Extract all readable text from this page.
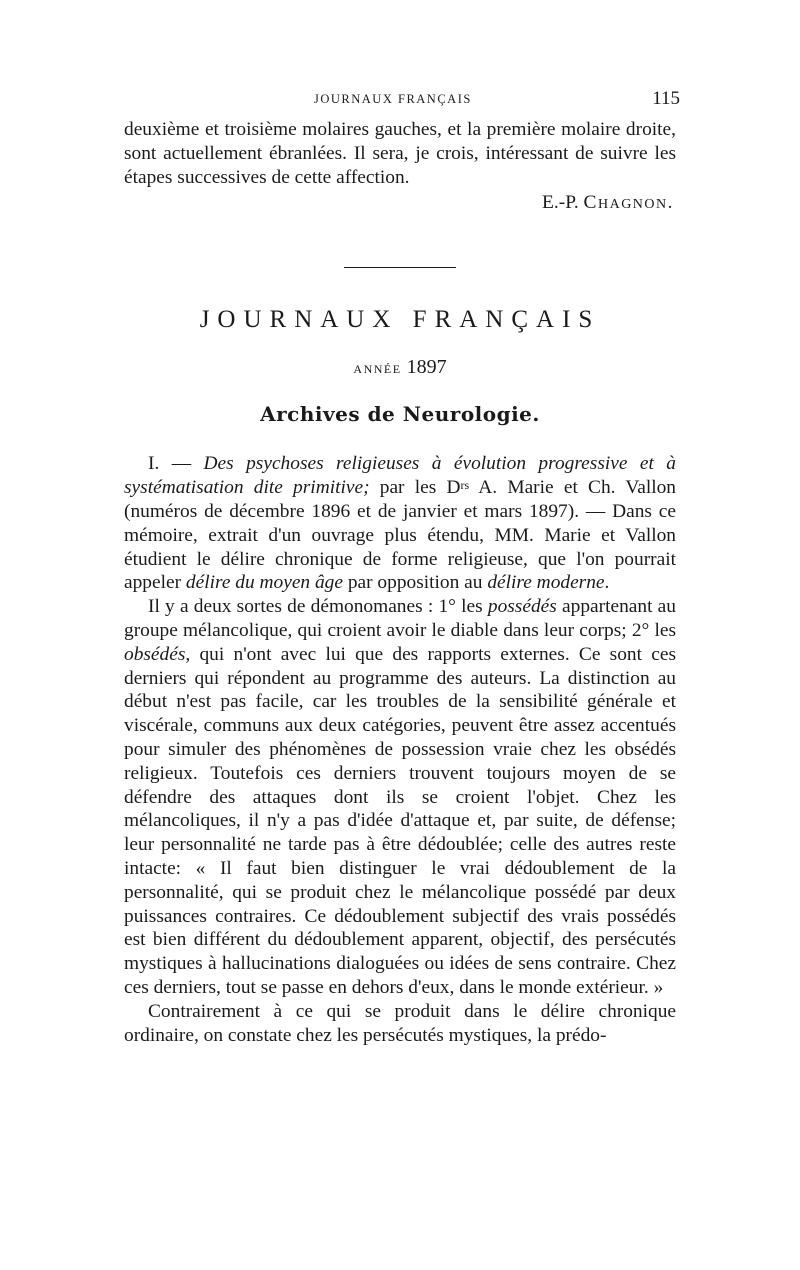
JOURNAUX FRANÇAIS	115

deuxième et troisième molaires gauches, et la première molaire droite, sont actuellement ébranlées. Il sera, je crois, intéressant de suivre les étapes successives de cette affection.

E.-P. Chagnon.
JOURNAUX FRANÇAIS
ANNÉE 1897
Archives de Neurologie.

I. — Des psychoses religieuses à évolution progressive et à systématisation dite primitive; par les $D^{rs}$ A. Marie et Ch. Vallon (numéros de décembre 1896 et de janvier et mars 1897). — Dans ce mémoire, extrait d'un ouvrage plus étendu, MM. Marie et Vallon étudient le délire chronique de forme religieuse, que l'on pourrait appeler délire du moyen âge par opposition au délire moderne.

Il y a deux sortes de démonomanes : 1° les possédés appartenant au groupe mélancolique, qui croient avoir le diable dans leur corps; 2° les obsédés, qui n'ont avec lui que des rapports externes. Ce sont ces derniers qui répondent au programme des auteurs. La distinction au début n'est pas facile, car les troubles de la sensibilité générale et viscérale, communs aux deux catégories, peuvent être assez accentués pour simuler des phénomènes de possession vraie chez les obsédés religieux. Toutefois ces derniers trouvent toujours moyen de se défendre des attaques dont ils se croient l'objet. Chez les mélancoliques, il n'y a pas d'idée d'attaque et, par suite, de défense; leur personnalité ne tarde pas à être dédoublée; celle des autres reste intacte: « Il faut bien distinguer le vrai dédoublement de la personnalité, qui se produit chez le mélancolique possédé par deux puissances contraires. Ce dédoublement subjectif des vrais possédés est bien différent du dédoublement apparent, objectif, des persécutés mystiques à hallucinations dialoguées ou idées de sens contraire. Chez ces derniers, tout se passe en dehors d'eux, dans le monde extérieur. »

Contrairement à ce qui se produit dans le délire chronique ordinaire, on constate chez les persécutés mystiques, la prédo-
